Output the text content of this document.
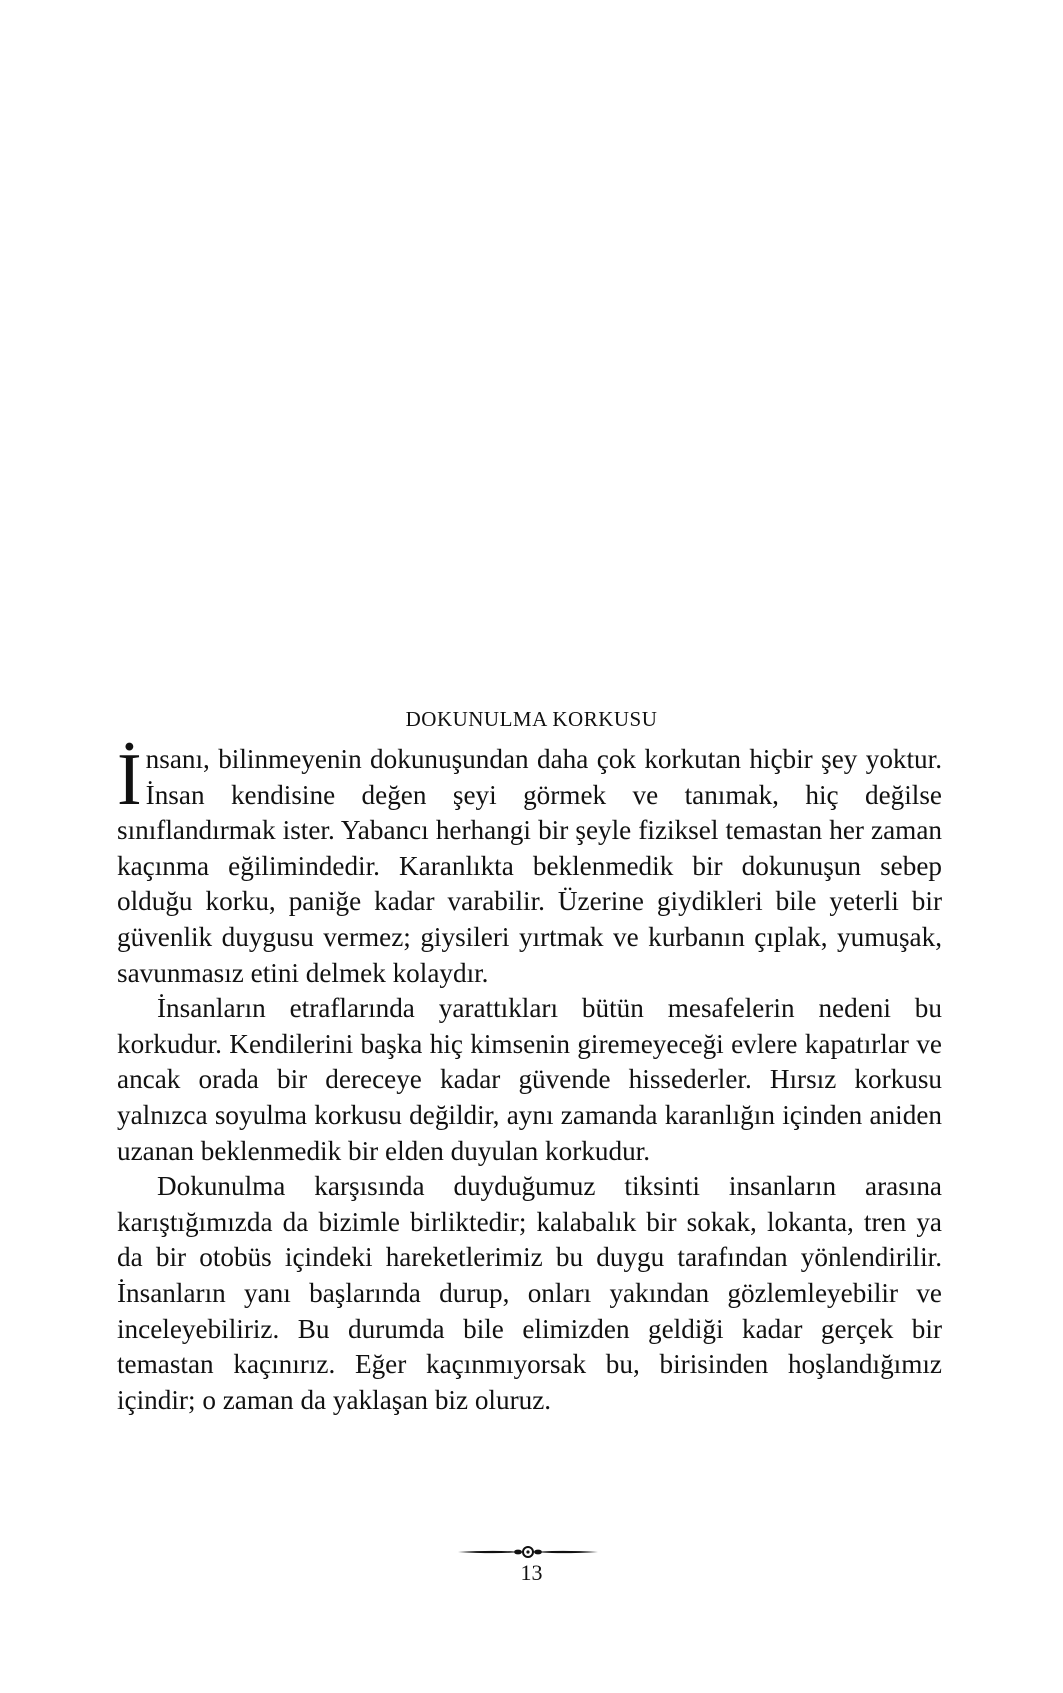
DOKUNULMA KORKUSU

İnsanı, bilinmeyenin dokunuşundan daha çok korkutan hiçbir şey yoktur. İnsan kendisine değen şeyi görmek ve tanımak, hiç değilse sınıflandırmak ister. Yabancı herhangi bir şeyle fiziksel temastan her zaman kaçınma eğilimindedir. Karanlıkta beklenmedik bir dokunuşun sebep olduğu korku, paniğe kadar varabilir. Üzerine giydikleri bile yeterli bir güvenlik duygusu vermez; giysileri yırtmak ve kurbanın çıplak, yumuşak, savunmasız etini delmek kolaydır.

İnsanların etraflarında yarattıkları bütün mesafelerin nedeni bu korkudur. Kendilerini başka hiç kimsenin giremeyeceği evlere kapatırlar ve ancak orada bir dereceye kadar güvende hissederler. Hırsız korkusu yalnızca soyulma korkusu değildir, aynı zamanda karanlığın içinden aniden uzanan beklenmedik bir elden duyulan korkudur.

Dokunulma karşısında duyduğumuz tiksinti insanların arasına karıştığımızda da bizimle birliktedir; kalabalık bir sokak, lokanta, tren ya da bir otobüs içindeki hareketlerimiz bu duygu tarafından yönlendirilir. İnsanların yanı başlarında durup, onları yakından gözlemleyebilir ve inceleyebiliriz. Bu durumda bile elimizden geldiği kadar gerçek bir temastan kaçınırız. Eğer kaçınmıyorsak bu, birisinden hoşlandığımız içindir; o zaman da yaklaşan biz oluruz.

13
